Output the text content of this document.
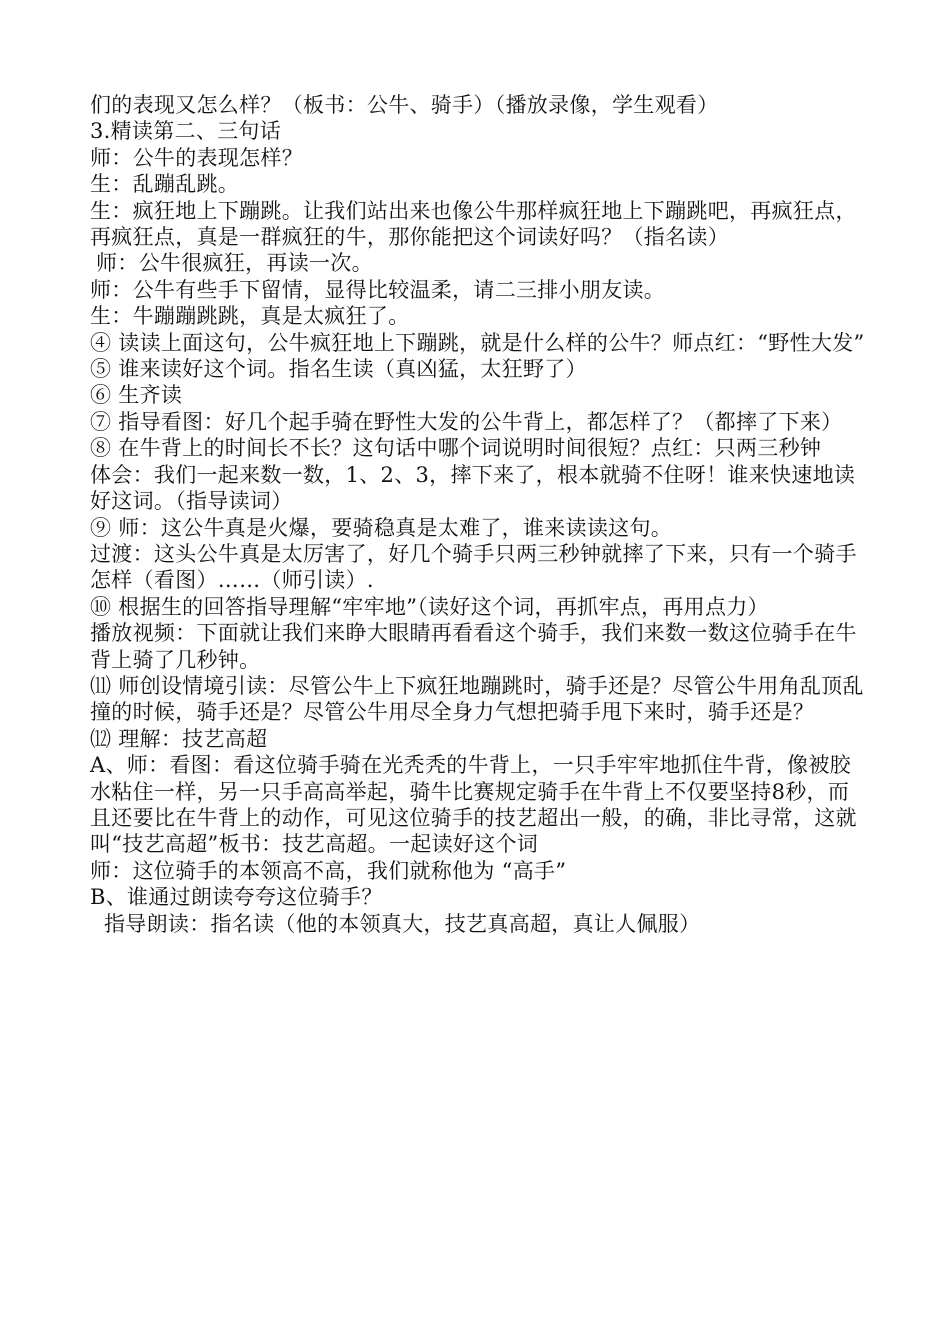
们的表现又怎么样？（板书：公牛、骑手）（播放录像，学生观看）

3.精读第二、三句话

师：公牛的表现怎样？

生：乱蹦乱跳。

生：疯狂地上下蹦跳。让我们站出来也像公牛那样疯狂地上下蹦跳吧，再疯狂点，再疯狂点，真是一群疯狂的牛，那你能把这个词读好吗？（指名读）

师：公牛很疯狂，再读一次。

师：公牛有些手下留情，显得比较温柔，请二三排小朋友读。

生：牛蹦蹦跳跳，真是太疯狂了。

④ 读读上面这句，公牛疯狂地上下蹦跳，就是什么样的公牛？师点红：“野性大发”

⑤ 谁来读好这个词。指名生读（真凶猛，太狂野了）

⑥ 生齐读

⑦ 指导看图：好几个起手骑在野性大发的公牛背上，都怎样了？（都摔了下来）

⑧ 在牛背上的时间长不长？这句话中哪个词说明时间很短？点红：只两三秒钟

体会：我们一起来数一数，1、2、3，摔下来了，根本就骑不住呀！谁来快速地读好这词。（指导读词）

⑨ 师：这公牛真是火爆，要骑稳真是太难了，谁来读读这句。

过渡：这头公牛真是太厉害了，好几个骑手只两三秒钟就摔了下来，只有一个骑手怎样（看图）……（师引读）.

⑩ 根据生的回答指导理解“牢牢地”（读好这个词，再抓牢点，再用点力）

播放视频：下面就让我们来睁大眼睛再看看这个骑手，我们来数一数这位骑手在牛背上骑了几秒钟。

⑾ 师创设情境引读：尽管公牛上下疯狂地蹦跳时，骑手还是？尽管公牛用角乱顶乱撞的时候，骑手还是？尽管公牛用尽全身力气想把骑手甩下来时，骑手还是？

⑿ 理解：技艺高超

A、师：看图：看这位骑手骑在光秃秃的牛背上，一只手牢牢地抓住牛背，像被胶水粘住一样，另一只手高高举起，骑牛比赛规定骑手在牛背上不仅要坚持8秒，而且还要比在牛背上的动作，可见这位骑手的技艺超出一般，的确，非比寻常，这就叫“技艺高超”板书：技艺高超。一起读好这个词

师：这位骑手的本领高不高，我们就称他为 “高手”

B、谁通过朗读夸夸这位骑手？

指导朗读：指名读（他的本领真大，技艺真高超，真让人佩服）
